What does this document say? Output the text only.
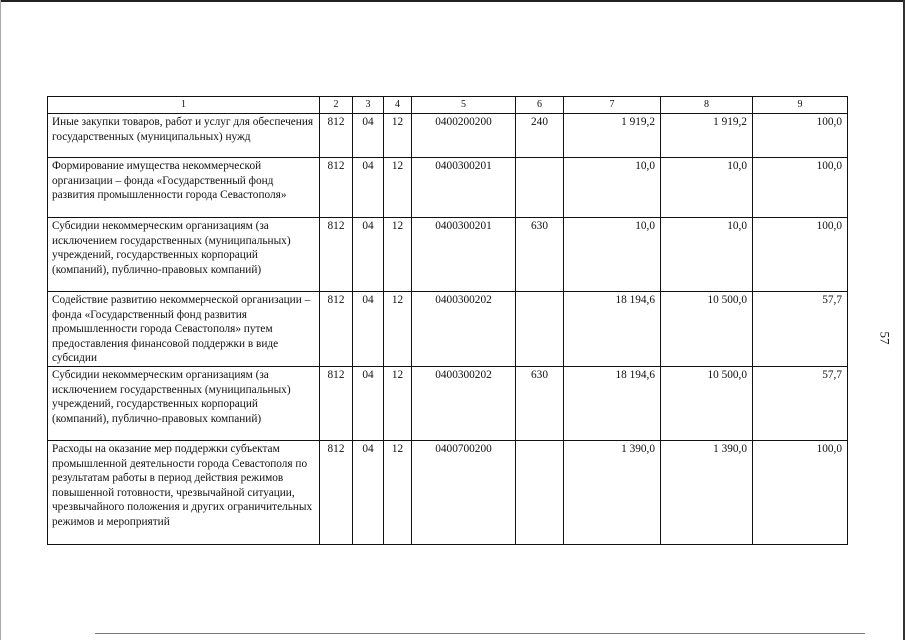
1	2	3	4	5	6	7	8	9
Иные закупки товаров, работ и услуг для обеспечения государственных (муниципальных) нужд	812	04	12	0400200200	240	1 919,2	1 919,2	100,0
Формирование имущества некоммерческой организации – фонда «Государственный фонд развития промышленности города Севастополя»	812	04	12	0400300201		10,0	10,0	100,0
Субсидии некоммерческим организациям (за исключением государственных (муниципальных) учреждений, государственных корпораций (компаний), публично-правовых компаний)	812	04	12	0400300201	630	10,0	10,0	100,0
Содействие развитию некоммерческой организации – фонда «Государственный фонд развития промышленности города Севастополя» путем предоставления финансовой поддержки в виде субсидии	812	04	12	0400300202		18 194,6	10 500,0	57,7
Субсидии некоммерческим организациям (за исключением государственных (муниципальных) учреждений, государственных корпораций (компаний), публично-правовых компаний)	812	04	12	0400300202	630	18 194,6	10 500,0	57,7
Расходы на оказание мер поддержки субъектам промышленной деятельности города Севастополя по результатам работы в период действия режимов повышенной готовности, чрезвычайной ситуации, чрезвычайного положения и других ограничительных режимов и мероприятий	812	04	12	0400700200		1 390,0	1 390,0	100,0
57
